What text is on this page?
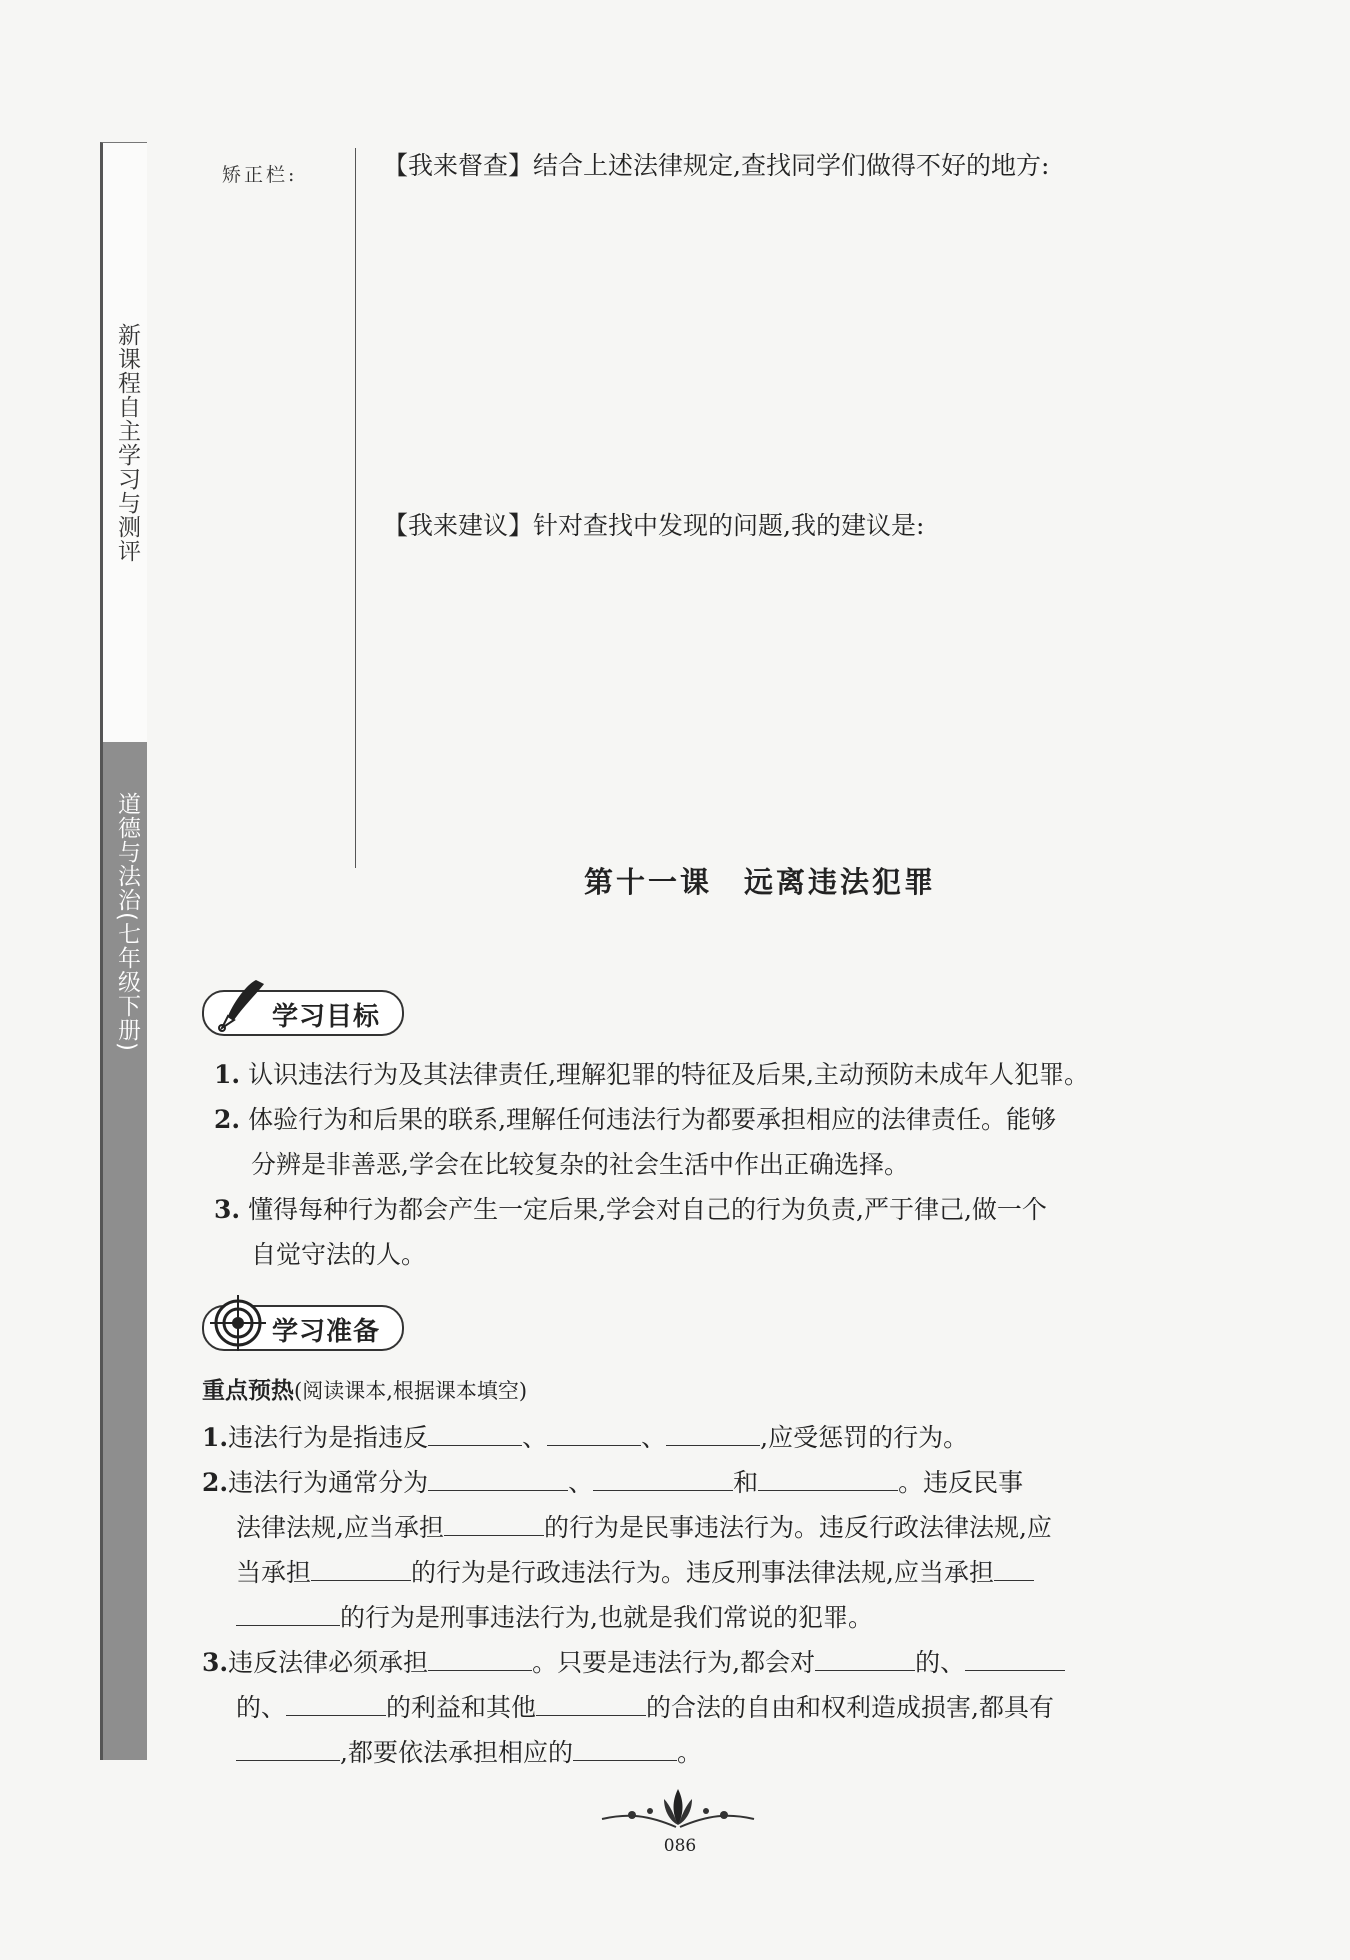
新课程自主学习与测评
道德与法治(七年级下册)
矫正栏:	【我来督查】结合上述法律规定,查找同学们做得不好的地方:
【我来建议】针对查找中发现的问题,我的建议是:
第十一课　远离违法犯罪
学习目标
1. 认识违法行为及其法律责任,理解犯罪的特征及后果,主动预防未成年人犯罪。
2. 体验行为和后果的联系,理解任何违法行为都要承担相应的法律责任。能够
分辨是非善恶,学会在比较复杂的社会生活中作出正确选择。
3. 懂得每种行为都会产生一定后果,学会对自己的行为负责,严于律己,做一个
自觉守法的人。
学习准备
重点预热(阅读课本,根据课本填空)
1.违法行为是指违反	、	、	,应受惩罚的行为。
2.违法行为通常分为	、	和	。违反民事
法律法规,应当承担	的行为是民事违法行为。违反行政法律法规,应
当承担	的行为是行政违法行为。违反刑事法律法规,应当承担
的行为是刑事违法行为,也就是我们常说的犯罪。
3.违反法律必须承担	。只要是违法行为,都会对	的、
的、	的利益和其他	的合法的自由和权利造成损害,都具有
,都要依法承担相应的	。
086
